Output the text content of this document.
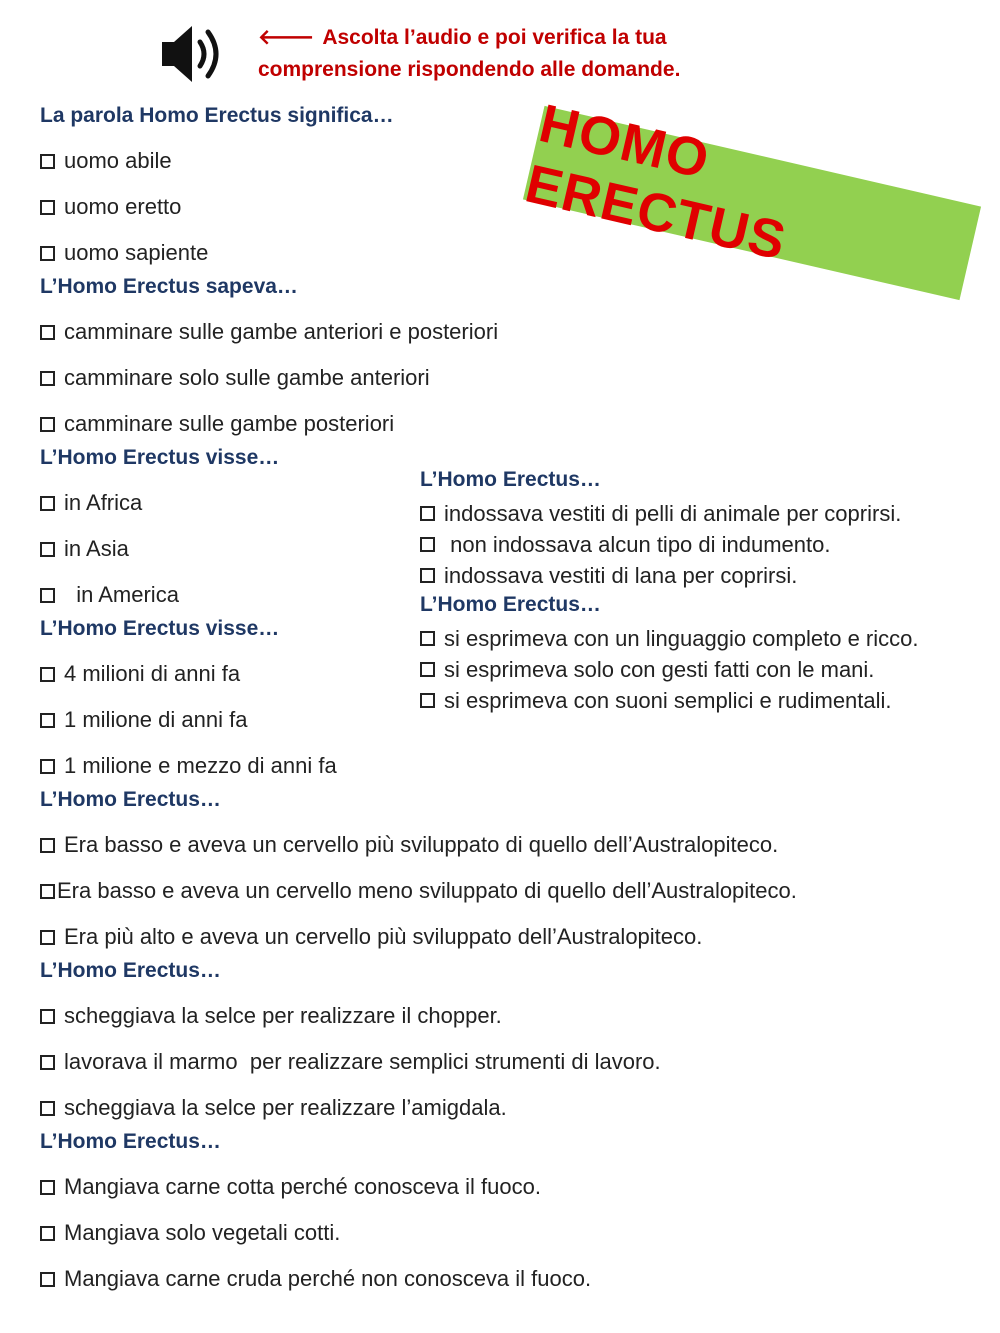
🡐 Ascolta l’audio e poi verifica la tua
comprensione rispondendo alle domande.
HOMO ERECTUS

La parola Homo Erectus significa…

uomo abile
uomo eretto
uomo sapiente

L’Homo Erectus sapeva…

camminare sulle gambe anteriori e posteriori
camminare solo sulle gambe anteriori
camminare sulle gambe posteriori

L’Homo Erectus visse…

in Africa
in Asia
in America

L’Homo Erectus visse…

4 milioni di anni fa
1 milione di anni fa
1 milione e mezzo di anni fa

L’Homo Erectus…

Era basso e aveva un cervello più sviluppato di quello dell’Australopiteco.
Era basso e aveva un cervello meno sviluppato di quello dell’Australopiteco.
Era più alto e aveva un cervello più sviluppato dell’Australopiteco.

L’Homo Erectus…

scheggiava la selce per realizzare il chopper.
lavorava il marmo  per realizzare semplici strumenti di lavoro.
scheggiava la selce per realizzare l’amigdala.

L’Homo Erectus…

Mangiava carne cotta perché conosceva il fuoco.
Mangiava solo vegetali cotti.
Mangiava carne cruda perché non conosceva il fuoco.

L’Homo Erectus…

indossava vestiti di pelli di animale per coprirsi.
non indossava alcun tipo di indumento.
indossava vestiti di lana per coprirsi.

L’Homo Erectus…

si esprimeva con un linguaggio completo e ricco.
si esprimeva solo con gesti fatti con le mani.
si esprimeva con suoni semplici e rudimentali.
